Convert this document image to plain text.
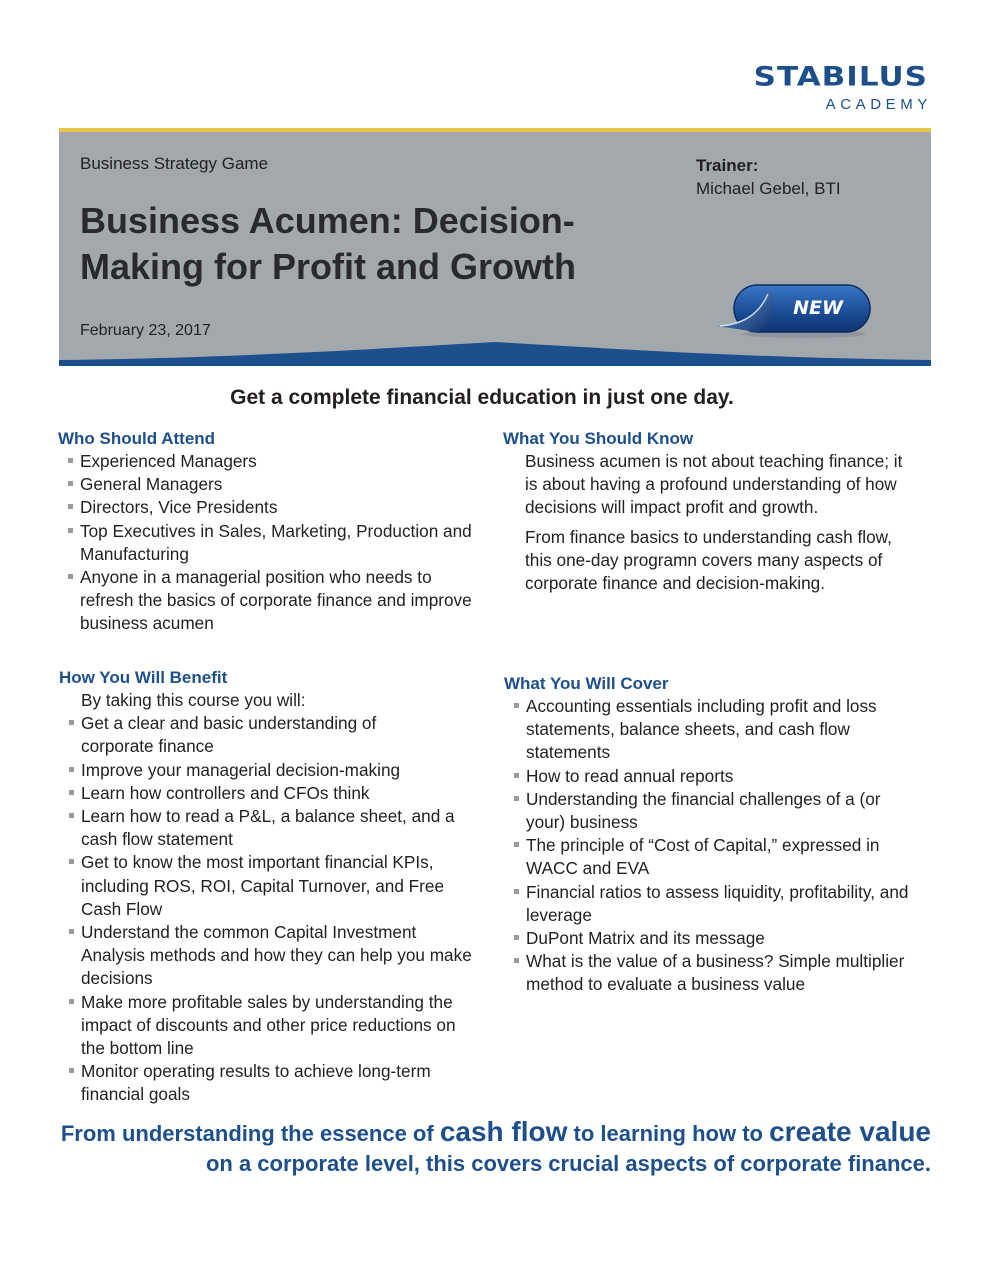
STABILUS
ACADEMY
Business Strategy Game
Business Acumen: Decision-Making for Profit and Growth
February 23, 2017
Trainer:
Michael Gebel, BTI
NEW
Get a complete financial education in just one day.
Who Should Attend
Experienced Managers
General Managers
Directors, Vice Presidents
Top Executives in Sales, Marketing, Production and Manufacturing
Anyone in a managerial position who needs to refresh the basics of corporate finance and improve business acumen
How You Will Benefit
By taking this course you will:
Get a clear and basic understanding of corporate finance
Improve your managerial decision-making
Learn how controllers and CFOs think
Learn how to read a P&L, a balance sheet, and a cash flow statement
Get to know the most important financial KPIs, including ROS, ROI, Capital Turnover, and Free Cash Flow
Understand the common Capital Investment Analysis methods and how they can help you make decisions
Make more profitable sales by understanding the impact of discounts and other price reductions on the bottom line
Monitor operating results to achieve long-term financial goals
What You Should Know

Business acumen is not about teaching finance; it is about having a profound understanding of how decisions will impact profit and growth.

From finance basics to understanding cash flow, this one-day programn covers many aspects of corporate finance and decision-making.

What You Will Cover
Accounting essentials including profit and loss statements, balance sheets, and cash flow statements
How to read annual reports
Understanding the financial challenges of a (or your) business
The principle of “Cost of Capital,” expressed in WACC and EVA
Financial ratios to assess liquidity, profitability, and leverage
DuPont Matrix and its message
What is the value of a business? Simple multiplier method to evaluate a business value
From understanding the essence of cash flow to learning how to create value on a corporate level, this covers crucial aspects of corporate finance.
